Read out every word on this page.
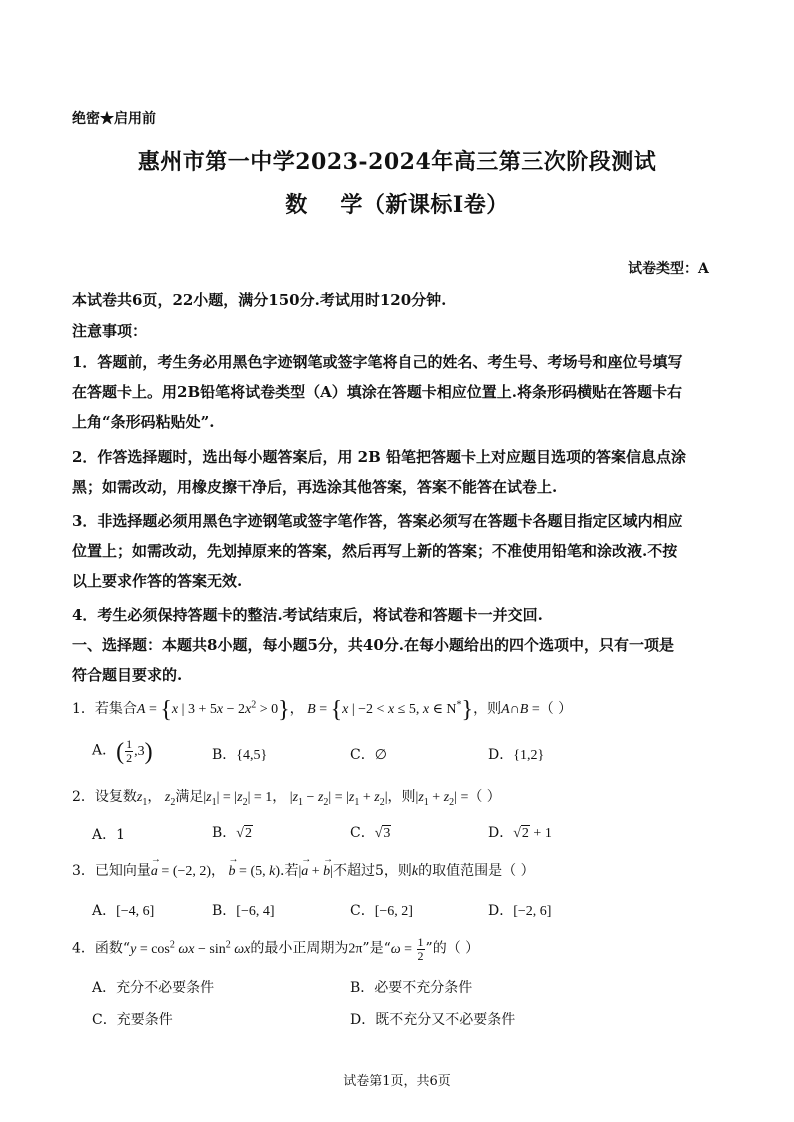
绝密★启用前
惠州市第一中学2023-2024年高三第三次阶段测试
数    学（新课标I卷）
试卷类型：A
本试卷共6页，22小题，满分150分.考试用时120分钟.
注意事项：
1．答题前，考生务必用黑色字迹钢笔或签字笔将自己的姓名、考生号、考场号和座位号填写
在答题卡上。用2B铅笔将试卷类型（A）填涂在答题卡相应位置上.将条形码横贴在答题卡右
上角“条形码粘贴处”.
2．作答选择题时，选出每小题答案后，用 2B 铅笔把答题卡上对应题目选项的答案信息点涂
黑；如需改动，用橡皮擦干净后，再选涂其他答案，答案不能答在试卷上.
3．非选择题必须用黑色字迹钢笔或签字笔作答，答案必须写在答题卡各题目指定区域内相应
位置上；如需改动，先划掉原来的答案，然后再写上新的答案；不准使用铅笔和涂改液.不按
以上要求作答的答案无效.
4．考生必须保持答题卡的整洁.考试结束后，将试卷和答题卡一并交回.
一、选择题：本题共8小题，每小题5分，共40分.在每小题给出的四个选项中，只有一项是
符合题目要求的.
1．若集合A = {x | $3 + 5x - 2x^2 > 0$}， B = {x | −2 < x ≤ 5, x ∈ N*}，则A∩B =（ ）
A．( $\frac{1}{2} ,3$)	B．{4,5}	C．∅	D．{1,2}
2．设复数$z_1$， $z_2$满足$|z_1| = |z_2| = 1$， $|z_1 - z_2| = |z_1 + z_2|$，则$|z_1 + z_2|$ =（ ）
A．1	B．√2	C．√3	D．√2 + 1
3．已知向量→ a = (−2, 2)， → b = (5, k).若|→ a + → b|不超过5，则k的取值范围是（ ）
A．[−4, 6]	B．[−6, 4]	C．[−6, 2]	D．[−2, 6]
4．函数“$y = \cos^2 \omega x - \sin^2 \omega x$的最小正周期为2π”是“$\omega = \frac{1}{2}$ ”的（ ）
A．充分不必要条件	B．必要不充分条件
C．充要条件	D．既不充分又不必要条件
试卷第1页，共6页
